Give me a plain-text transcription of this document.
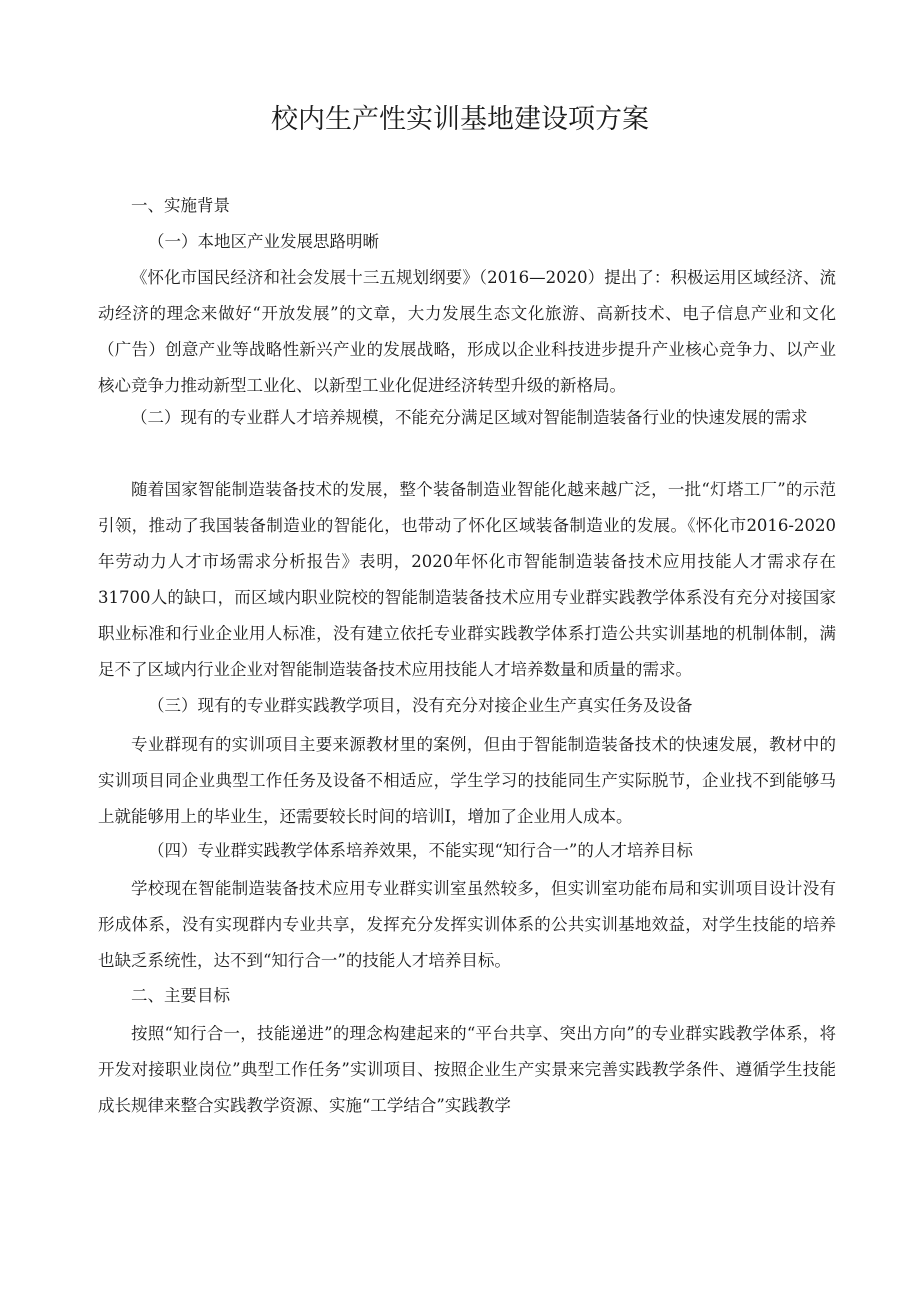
校内生产性实训基地建设项方案

一、实施背景

（一）本地区产业发展思路明晰

《怀化市国民经济和社会发展十三五规划纲要》（2016—2020）提出了：积极运用区域经济、流动经济的理念来做好“开放发展”的文章，大力发展生态文化旅游、高新技术、电子信息产业和文化（广告）创意产业等战略性新兴产业的发展战略，形成以企业科技进步提升产业核心竞争力、以产业核心竞争力推动新型工业化、以新型工业化促进经济转型升级的新格局。

（二）现有的专业群人才培养规模，不能充分满足区域对智能制造装备行业的快速发展的需求

随着国家智能制造装备技术的发展，整个装备制造业智能化越来越广泛，一批“灯塔工厂”的示范引领，推动了我国装备制造业的智能化，也带动了怀化区域装备制造业的发展。《怀化市2016-2020年劳动力人才市场需求分析报告》表明，2020年怀化市智能制造装备技术应用技能人才需求存在31700人的缺口，而区域内职业院校的智能制造装备技术应用专业群实践教学体系没有充分对接国家职业标准和行业企业用人标准，没有建立依托专业群实践教学体系打造公共实训基地的机制体制，满足不了区域内行业企业对智能制造装备技术应用技能人才培养数量和质量的需求。

（三）现有的专业群实践教学项目，没有充分对接企业生产真实任务及设备

专业群现有的实训项目主要来源教材里的案例，但由于智能制造装备技术的快速发展，教材中的实训项目同企业典型工作任务及设备不相适应，学生学习的技能同生产实际脱节，企业找不到能够马上就能够用上的毕业生，还需要较长时间的培训I，增加了企业用人成本。

（四）专业群实践教学体系培养效果，不能实现“知行合一”的人才培养目标

学校现在智能制造装备技术应用专业群实训室虽然较多，但实训室功能布局和实训项目设计没有形成体系，没有实现群内专业共享，发挥充分发挥实训体系的公共实训基地效益，对学生技能的培养也缺乏系统性，达不到“知行合一”的技能人才培养目标。

二、主要目标

按照“知行合一，技能递进”的理念构建起来的“平台共享、突出方向”的专业群实践教学体系，将开发对接职业岗位”典型工作任务”实训项目、按照企业生产实景来完善实践教学条件、遵循学生技能成长规律来整合实践教学资源、实施“工学结合”实践教学
